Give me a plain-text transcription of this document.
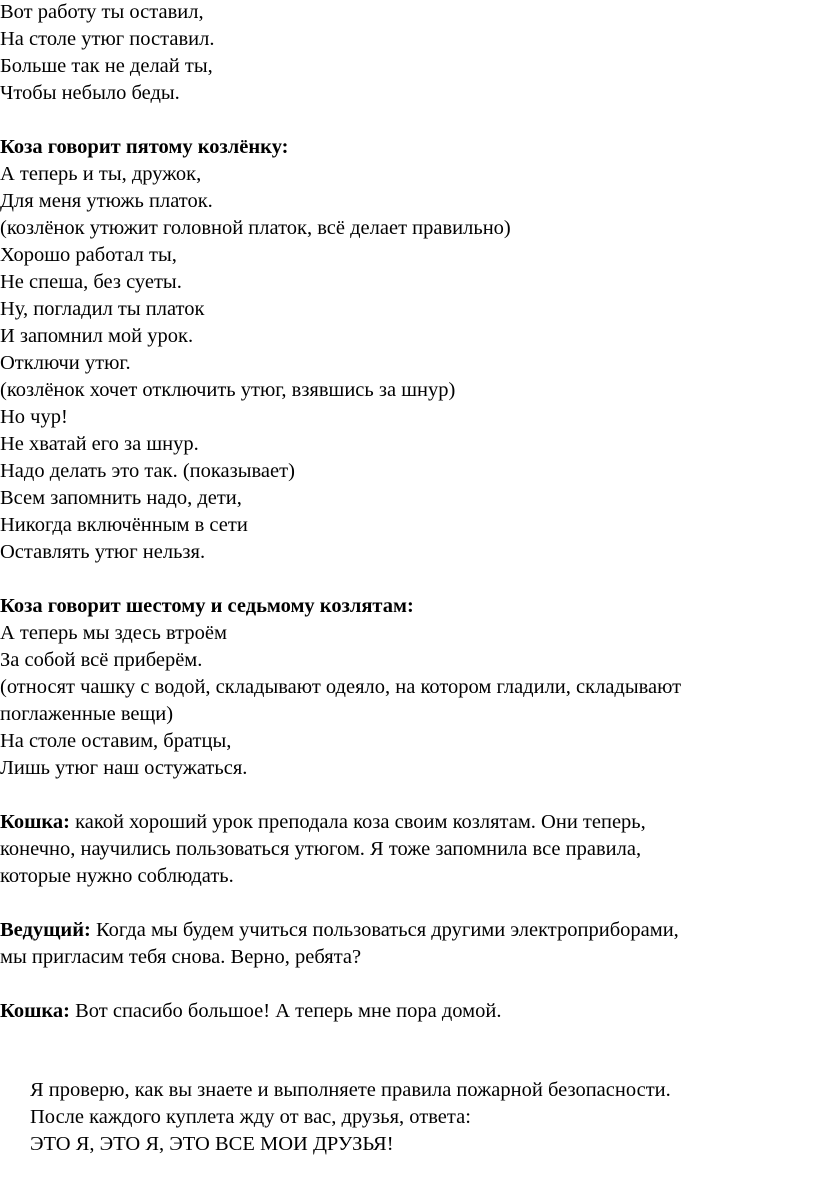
Вот работу ты оставил,
На столе утюг поставил.
Больше так не делай ты,
Чтобы небыло беды.
Коза говорит пятому козлёнку:
А теперь и ты, дружок,
Для меня утюжь платок.
(козлёнок утюжит головной платок, всё делает правильно)
Хорошо работал ты,
Не спеша, без суеты.
Ну, погладил ты платок
И запомнил мой урок.
Отключи утюг.
(козлёнок хочет отключить утюг, взявшись за шнур)
Но чур!
Не хватай его за шнур.
Надо делать это так. (показывает)
Всем запомнить надо, дети,
Никогда включённым в сети
Оставлять утюг нельзя.
Коза говорит шестому и седьмому козлятам:
А теперь мы здесь втроём
За собой всё приберём.
(относят чашку с водой, складывают одеяло, на котором гладили, складывают
поглаженные вещи)
На столе оставим, братцы,
Лишь утюг наш остужаться.
Кошка: какой хороший урок преподала коза своим козлятам. Они теперь,
конечно, научились пользоваться утюгом. Я тоже запомнила все правила,
которые нужно соблюдать.
Ведущий: Когда мы будем учиться пользоваться другими электроприборами,
мы пригласим тебя снова. Верно, ребята?
Кошка: Вот спасибо большое! А теперь мне пора домой.
Я проверю, как вы знаете и выполняете правила пожарной безопасности.
После каждого куплета жду от вас, друзья, ответа:
ЭТО Я, ЭТО Я, ЭТО ВСЕ МОИ ДРУЗЬЯ!
